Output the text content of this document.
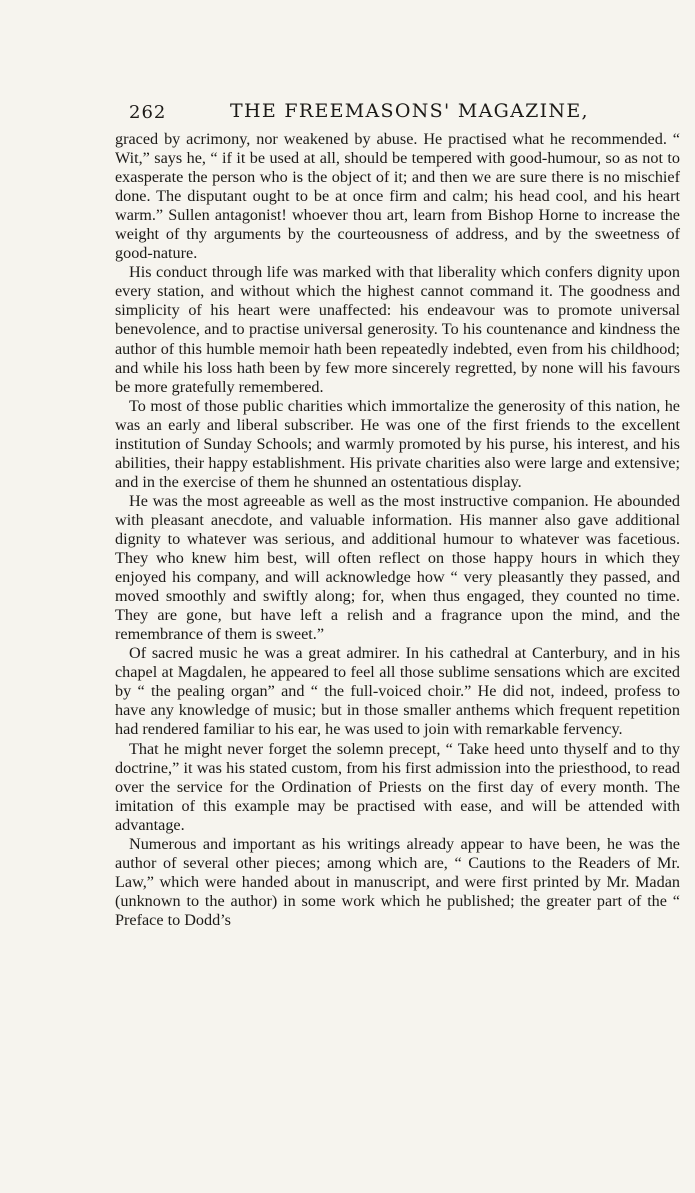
262	THE FREEMASONS' MAGAZINE,

graced by acrimony, nor weakened by abuse. He practised what he recommended. “ Wit,” says he, “ if it be used at all, should be tempered with good-humour, so as not to exasperate the person who is the object of it; and then we are sure there is no mischief done. The disputant ought to be at once firm and calm; his head cool, and his heart warm.” Sullen antagonist! whoever thou art, learn from Bishop Horne to increase the weight of thy arguments by the courteousness of address, and by the sweetness of good-nature.

His conduct through life was marked with that liberality which confers dignity upon every station, and without which the highest cannot command it. The goodness and simplicity of his heart were unaffected: his endeavour was to promote universal benevolence, and to practise universal generosity. To his countenance and kindness the author of this humble memoir hath been repeatedly indebted, even from his childhood; and while his loss hath been by few more sincerely regretted, by none will his favours be more gratefully remembered.

To most of those public charities which immortalize the generosity of this nation, he was an early and liberal subscriber. He was one of the first friends to the excellent institution of Sunday Schools; and warmly promoted by his purse, his interest, and his abilities, their happy establishment. His private charities also were large and extensive; and in the exercise of them he shunned an ostentatious display.

He was the most agreeable as well as the most instructive companion. He abounded with pleasant anecdote, and valuable information. His manner also gave additional dignity to whatever was serious, and additional humour to whatever was facetious. They who knew him best, will often reflect on those happy hours in which they enjoyed his company, and will acknowledge how “ very pleasantly they passed, and moved smoothly and swiftly along; for, when thus engaged, they counted no time. They are gone, but have left a relish and a fragrance upon the mind, and the remembrance of them is sweet.”

Of sacred music he was a great admirer. In his cathedral at Canterbury, and in his chapel at Magdalen, he appeared to feel all those sublime sensations which are excited by “ the pealing organ” and “ the full-voiced choir.” He did not, indeed, profess to have any knowledge of music; but in those smaller anthems which frequent repetition had rendered familiar to his ear, he was used to join with remarkable fervency.

That he might never forget the solemn precept, “ Take heed unto thyself and to thy doctrine,” it was his stated custom, from his first admission into the priesthood, to read over the service for the Ordination of Priests on the first day of every month. The imitation of this example may be practised with ease, and will be attended with advantage.

Numerous and important as his writings already appear to have been, he was the author of several other pieces; among which are, “ Cautions to the Readers of Mr. Law,” which were handed about in manuscript, and were first printed by Mr. Madan (unknown to the author) in some work which he published; the greater part of the “ Preface to Dodd’s
